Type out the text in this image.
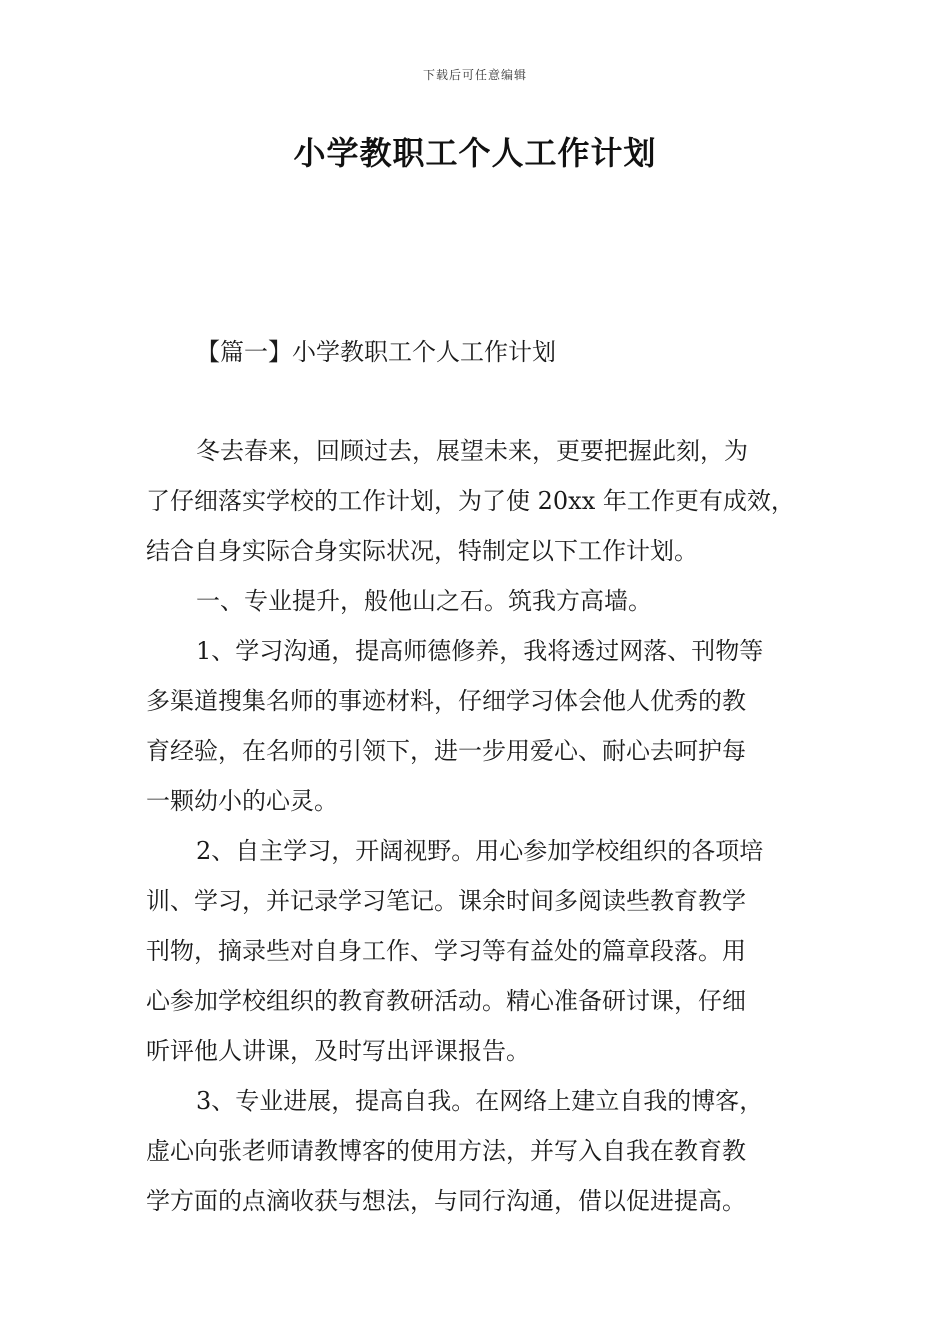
下载后可任意编辑
小学教职工个人工作计划
【篇一】小学教职工个人工作计划
冬去春来，回顾过去，展望未来，更要把握此刻，为
了仔细落实学校的工作计划，为了使 20xx 年工作更有成效，
结合自身实际合身实际状况，特制定以下工作计划。
一、专业提升，般他山之石。筑我方高墙。
1、学习沟通，提高师德修养，我将透过网落、刊物等
多渠道搜集名师的事迹材料，仔细学习体会他人优秀的教
育经验，在名师的引领下，进一步用爱心、耐心去呵护每
一颗幼小的心灵。
2、自主学习，开阔视野。用心参加学校组织的各项培
训、学习，并记录学习笔记。课余时间多阅读些教育教学
刊物，摘录些对自身工作、学习等有益处的篇章段落。用
心参加学校组织的教育教研活动。精心准备研讨课，仔细
听评他人讲课，及时写出评课报告。
3、专业进展，提高自我。在网络上建立自我的博客，
虚心向张老师请教博客的使用方法，并写入自我在教育教
学方面的点滴收获与想法，与同行沟通，借以促进提高。
